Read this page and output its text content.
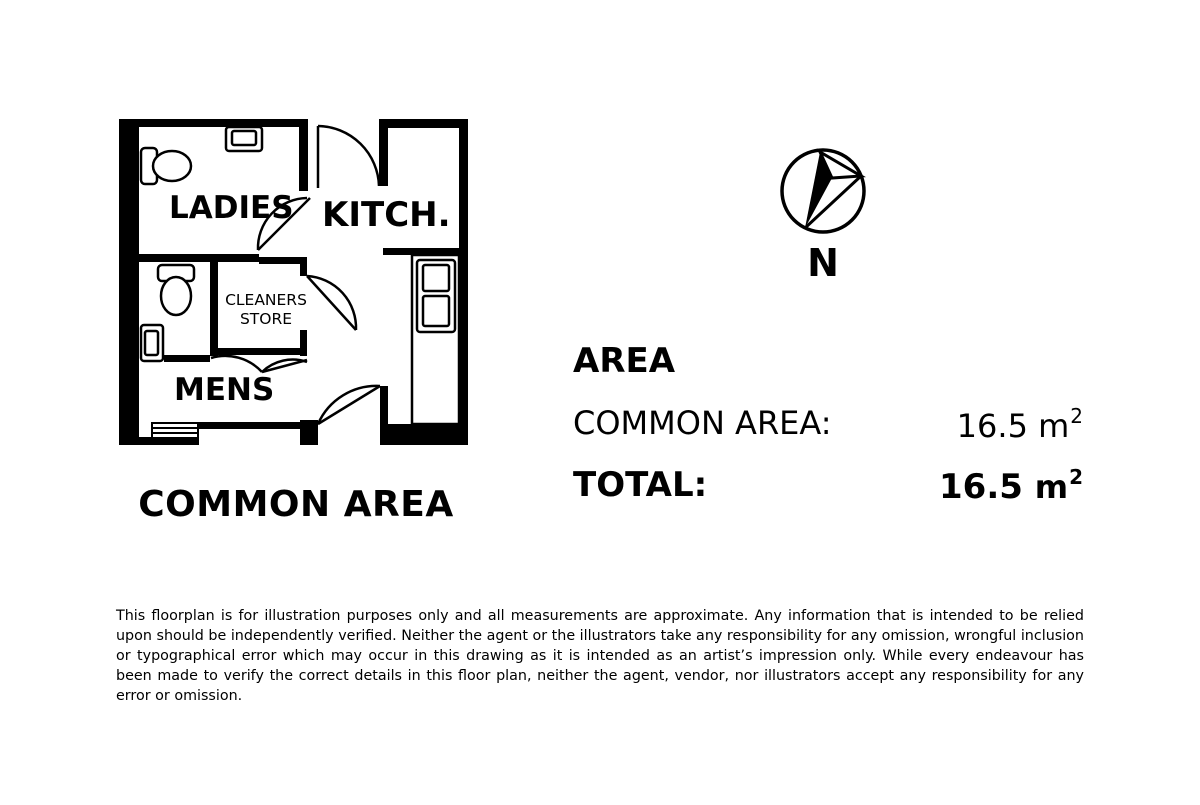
LADIES KITCH.
CLEANERS
STORE
MENS
N
COMMON AREA
AREA
COMMON AREA:	16.5 $m^2$
TOTAL:	16.5 $m^2$
This floorplan is for illustration purposes only and all measurements are approximate. Any information that is intended to be relied upon should be independently verified. Neither the agent or the illustrators take any responsibility for any omission, wrongful inclusion or typographical error which may occur in this drawing as it is intended as an artist’s impression only. While every endeavour has been made to verify the correct details in this floor plan, neither the agent, vendor, nor illustrators accept any responsibility for any error or omission.
